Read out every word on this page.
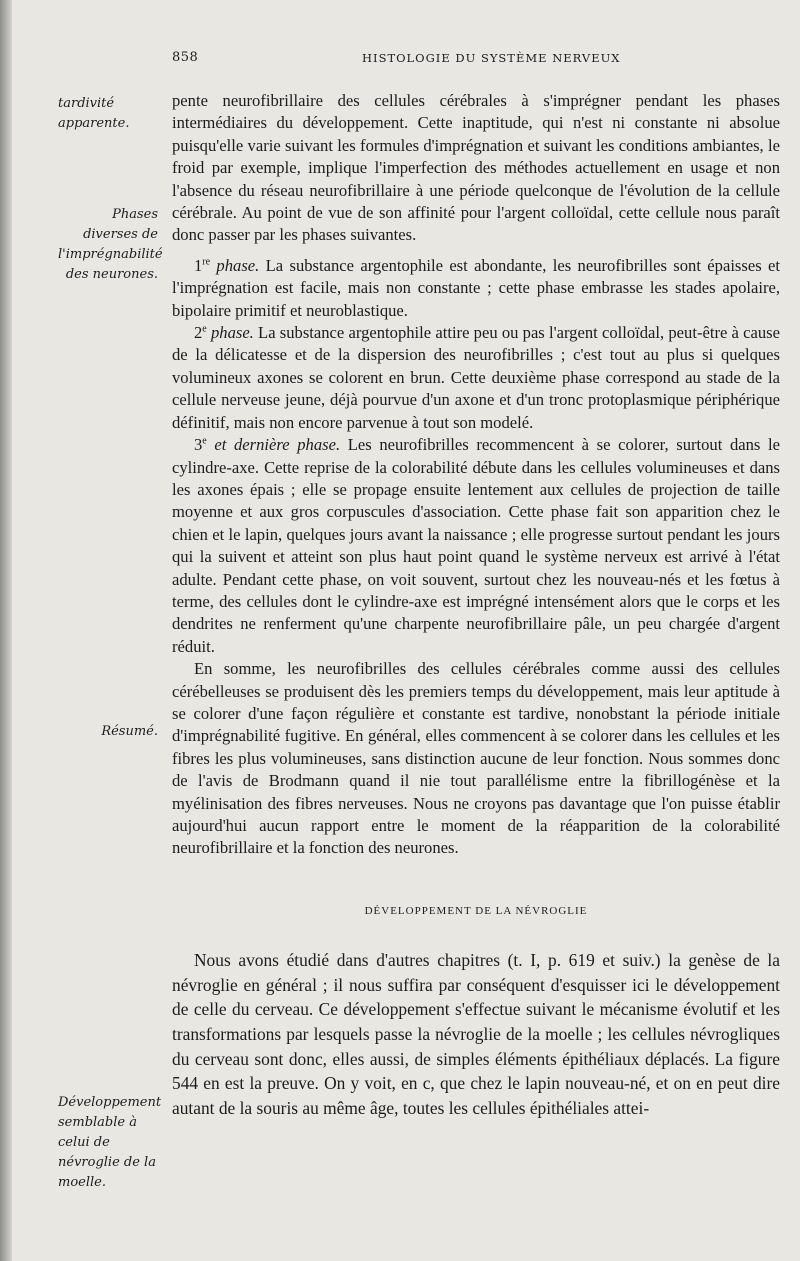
858	HISTOLOGIE DU SYSTÈME NERVEUX
tardivité apparente.
Phases diverses de l'imprégnabilité des neurones.
Résumé.
Développement semblable à celui de névroglie de la moelle.

pente neurofibrillaire des cellules cérébrales à s'imprégner pendant les phases intermédiaires du développement. Cette inaptitude, qui n'est ni constante ni absolue puisqu'elle varie suivant les formules d'imprégnation et suivant les conditions ambiantes, le froid par exemple, implique l'imperfection des méthodes actuellement en usage et non l'absence du réseau neurofibrillaire à une période quelconque de l'évolution de la cellule cérébrale. Au point de vue de son affinité pour l'argent colloïdal, cette cellule nous paraît donc passer par les phases suivantes.

1re phase. La substance argentophile est abondante, les neurofibrilles sont épaisses et l'imprégnation est facile, mais non constante ; cette phase embrasse les stades apolaire, bipolaire primitif et neuroblastique.

2e phase. La substance argentophile attire peu ou pas l'argent colloïdal, peut-être à cause de la délicatesse et de la dispersion des neurofibrilles ; c'est tout au plus si quelques volumineux axones se colorent en brun. Cette deuxième phase correspond au stade de la cellule nerveuse jeune, déjà pourvue d'un axone et d'un tronc protoplasmique périphérique définitif, mais non encore parvenue à tout son modelé.

3e et dernière phase. Les neurofibrilles recommencent à se colorer, surtout dans le cylindre-axe. Cette reprise de la colorabilité débute dans les cellules volumineuses et dans les axones épais ; elle se propage ensuite lentement aux cellules de projection de taille moyenne et aux gros corpuscules d'association. Cette phase fait son apparition chez le chien et le lapin, quelques jours avant la naissance ; elle progresse surtout pendant les jours qui la suivent et atteint son plus haut point quand le système nerveux est arrivé à l'état adulte. Pendant cette phase, on voit souvent, surtout chez les nouveau-nés et les fœtus à terme, des cellules dont le cylindre-axe est imprégné intensément alors que le corps et les dendrites ne renferment qu'une charpente neurofibrillaire pâle, un peu chargée d'argent réduit.

En somme, les neurofibrilles des cellules cérébrales comme aussi des cellules cérébelleuses se produisent dès les premiers temps du développement, mais leur aptitude à se colorer d'une façon régulière et constante est tardive, nonobstant la période initiale d'imprégnabilité fugitive. En général, elles commencent à se colorer dans les cellules et les fibres les plus volumineuses, sans distinction aucune de leur fonction. Nous sommes donc de l'avis de Brodmann quand il nie tout parallélisme entre la fibrillogénèse et la myélinisation des fibres nerveuses. Nous ne croyons pas davantage que l'on puisse établir aujourd'hui aucun rapport entre le moment de la réapparition de la colorabilité neurofibrillaire et la fonction des neurones.

DÉVELOPPEMENT DE LA NÉVROGLIE

Nous avons étudié dans d'autres chapitres (t. I, p. 619 et suiv.) la genèse de la névroglie en général ; il nous suffira par conséquent d'esquisser ici le développement de celle du cerveau. Ce développement s'effectue suivant le mécanisme évolutif et les transformations par lesquels passe la névroglie de la moelle ; les cellules névrogliques du cerveau sont donc, elles aussi, de simples éléments épithéliaux déplacés. La figure 544 en est la preuve. On y voit, en c, que chez le lapin nouveau-né, et on en peut dire autant de la souris au même âge, toutes les cellules épithéliales attei-
